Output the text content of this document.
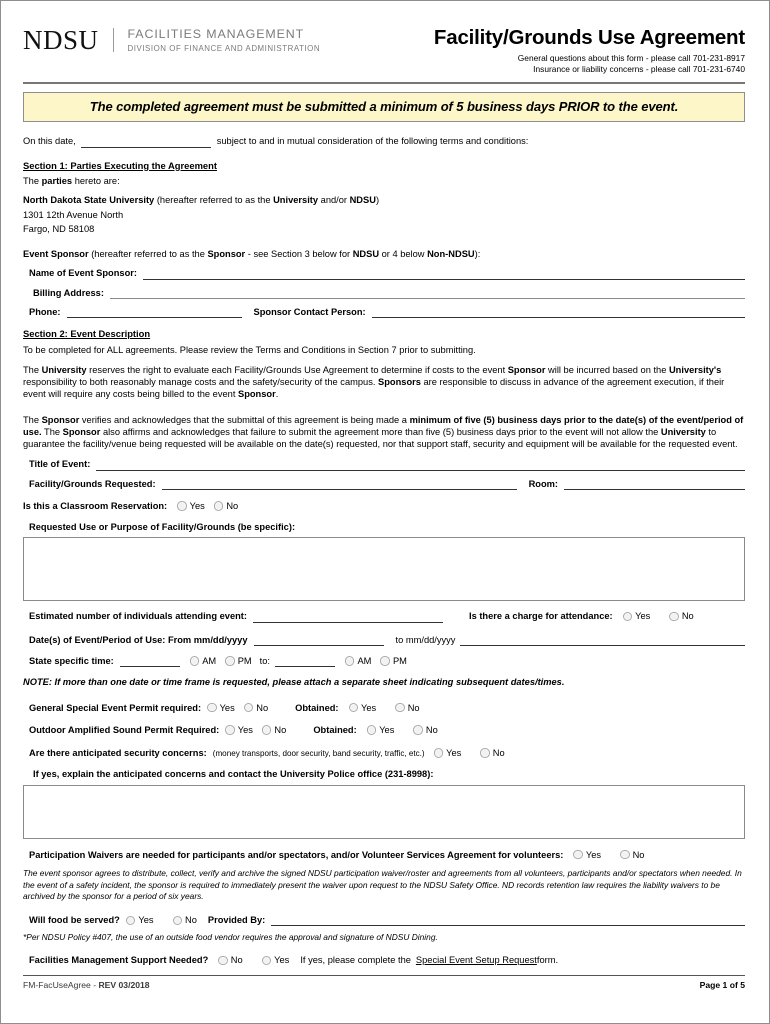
NDSU	FACILITIES MANAGEMENT
DIVISION OF FINANCE AND ADMINISTRATION	Facility/Grounds Use Agreement
General questions about this form - please call 701-231-8917
Insurance or liability concerns - please call 701-231-6740
The completed agreement must be submitted a minimum of 5 business days PRIOR to the event.
On this date,	subject to and in mutual consideration of the following terms and conditions:
Section 1: Parties Executing the Agreement

The parties hereto are:

North Dakota State University (hereafter referred to as the University and/or NDSU)

1301 12th Avenue North

Fargo, ND 58108

Event Sponsor (hereafter referred to as the Sponsor - see Section 3 below for NDSU or 4 below Non-NDSU):

Name of Event Sponsor:
Billing Address:
Phone:	Sponsor Contact Person:
Section 2: Event Description

To be completed for ALL agreements. Please review the Terms and Conditions in Section 7 prior to submitting.

The University reserves the right to evaluate each Facility/Grounds Use Agreement to determine if costs to the event Sponsor will be incurred based on the University's responsibility to both reasonably manage costs and the safety/security of the campus. Sponsors are responsible to discuss in advance of the agreement execution, if their event will require any costs being billed to the event Sponsor.

The Sponsor verifies and acknowledges that the submittal of this agreement is being made a minimum of five (5) business days prior to the date(s) of the event/period of use. The Sponsor also affirms and acknowledges that failure to submit the agreement more than five (5) business days prior to the event will not allow the University to guarantee the facility/venue being requested will be available on the date(s) requested, nor that support staff, security and equipment will be available for the requested event.

Title of Event:
Facility/Grounds Requested:	Room:
Is this a Classroom Reservation:	Yes	No
Requested Use or Purpose of Facility/Grounds (be specific):
Estimated number of individuals attending event:	Is there a charge for attendance:	Yes	No
Date(s) of Event/Period of Use: From mm/dd/yyyy	to mm/dd/yyyy
State specific time:	AM	PM to:	AM	PM

NOTE: If more than one date or time frame is requested, please attach a separate sheet indicating subsequent dates/times.

General Special Event Permit required:	Yes	No	Obtained:	Yes	No
Outdoor Amplified Sound Permit Required:	Yes	No	Obtained:	Yes	No
Are there anticipated security concerns: (money transports, door security, band security, traffic, etc.)	Yes	No
If yes, explain the anticipated concerns and contact the University Police office (231-8998):
Participation Waivers are needed for participants and/or spectators, and/or Volunteer Services Agreement for volunteers:	Yes	No

The event sponsor agrees to distribute, collect, verify and archive the signed NDSU participation waiver/roster and agreements from all volunteers, participants and/or spectators when needed. In the event of a safety incident, the sponsor is required to immediately present the waiver upon request to the NDSU Safety Office. ND records retention law requires the liability waivers to be archived by the sponsor for a period of six years.

Will food be served?	Yes	No	Provided By:

*Per NDSU Policy #407, the use of an outside food vendor requires the approval and signature of NDSU Dining.

Facilities Management Support Needed?	No	Yes	If yes, please complete the Special Event Setup Request form.
FM-FacUseAgree - REV 03/2018	Page 1 of 5
